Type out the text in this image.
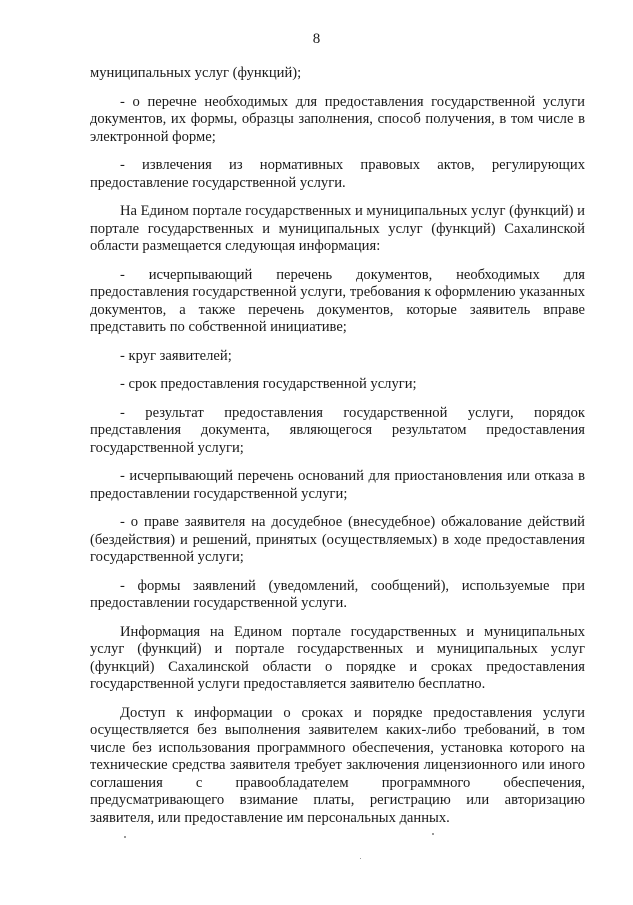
8

муниципальных услуг (функций);

- о перечне необходимых для предоставления государственной услуги документов, их формы, образцы заполнения, способ получения, в том числе в электронной форме;

- извлечения из нормативных правовых актов, регулирующих предоставление государственной услуги.

На Едином портале государственных и муниципальных услуг (функций) и портале государственных и муниципальных услуг (функций) Сахалинской области размещается следующая информация:

- исчерпывающий перечень документов, необходимых для предоставления государственной услуги, требования к оформлению указанных документов, а также перечень документов, которые заявитель вправе представить по собственной инициативе;

- круг заявителей;

- срок предоставления государственной услуги;

- результат предоставления государственной услуги, порядок представления документа, являющегося результатом предоставления государственной услуги;

- исчерпывающий перечень оснований для приостановления или отказа в предоставлении государственной услуги;

- о праве заявителя на досудебное (внесудебное) обжалование действий (бездействия) и решений, принятых (осуществляемых) в ходе предоставления государственной услуги;

- формы заявлений (уведомлений, сообщений), используемые при предоставлении государственной услуги.

Информация на Едином портале государственных и муниципальных услуг (функций) и портале государственных и муниципальных услуг (функций) Сахалинской области о порядке и сроках предоставления государственной услуги предоставляется заявителю бесплатно.

Доступ к информации о сроках и порядке предоставления услуги осуществляется без выполнения заявителем каких-либо требований, в том числе без использования программного обеспечения, установка которого на технические средства заявителя требует заключения лицензионного или иного соглашения с правообладателем программного обеспечения, предусматривающего взимание платы, регистрацию или авторизацию заявителя, или предоставление им персональных данных.
